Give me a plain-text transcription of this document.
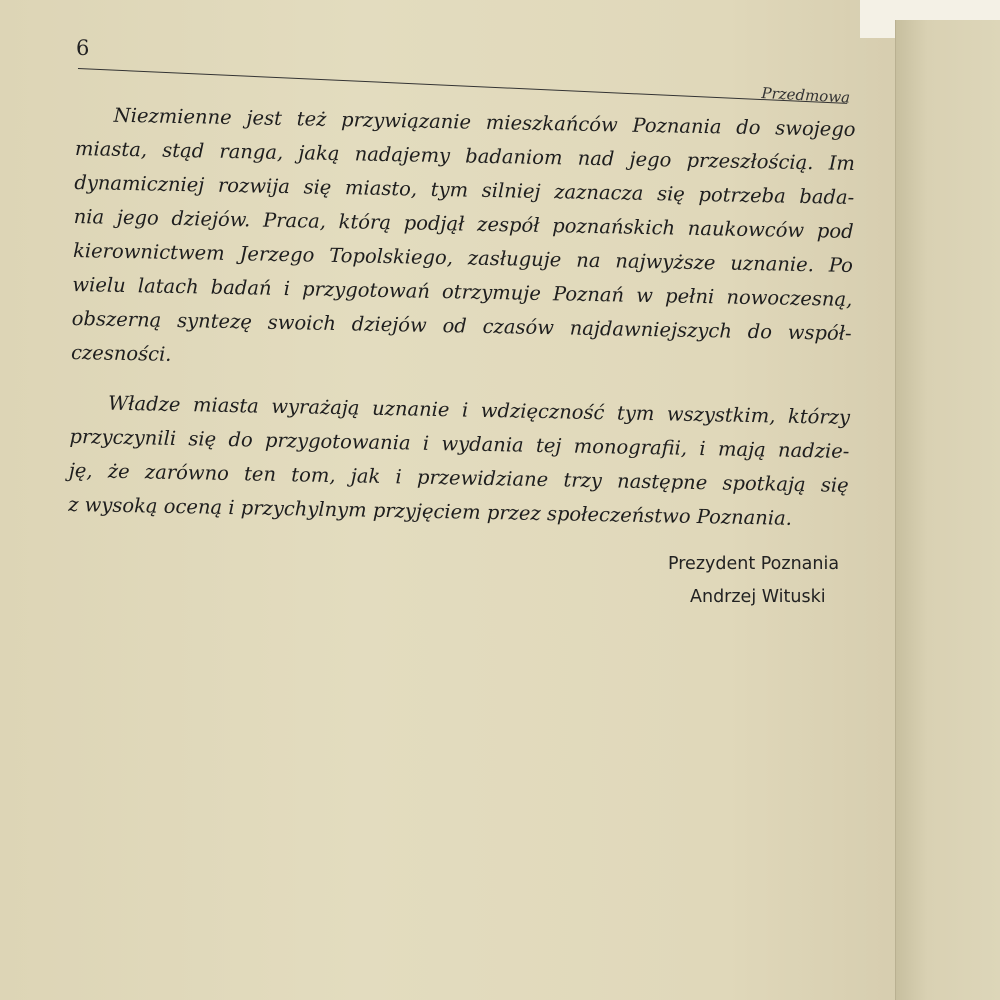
6
Przedmowa

Niezmienne jest też przywiązanie mieszkańców Poznania do swojego
miasta, stąd ranga, jaką nadajemy badaniom nad jego przeszłością. Im
dynamiczniej rozwija się miasto, tym silniej zaznacza się potrzeba bada-
nia jego dziejów. Praca, którą podjął zespół poznańskich naukowców pod
kierownictwem Jerzego Topolskiego, zasługuje na najwyższe uznanie. Po
wielu latach badań i przygotowań otrzymuje Poznań w pełni nowoczesną,
obszerną syntezę swoich dziejów od czasów najdawniejszych do współ-
czesności.

Władze miasta wyrażają uznanie i wdzięczność tym wszystkim, którzy
przyczynili się do przygotowania i wydania tej monografii, i mają nadzie-
ję, że zarówno ten tom, jak i przewidziane trzy następne spotkają się
z wysoką oceną i przychylnym przyjęciem przez społeczeństwo Poznania.

Prezydent Poznania
Andrzej Wituski
